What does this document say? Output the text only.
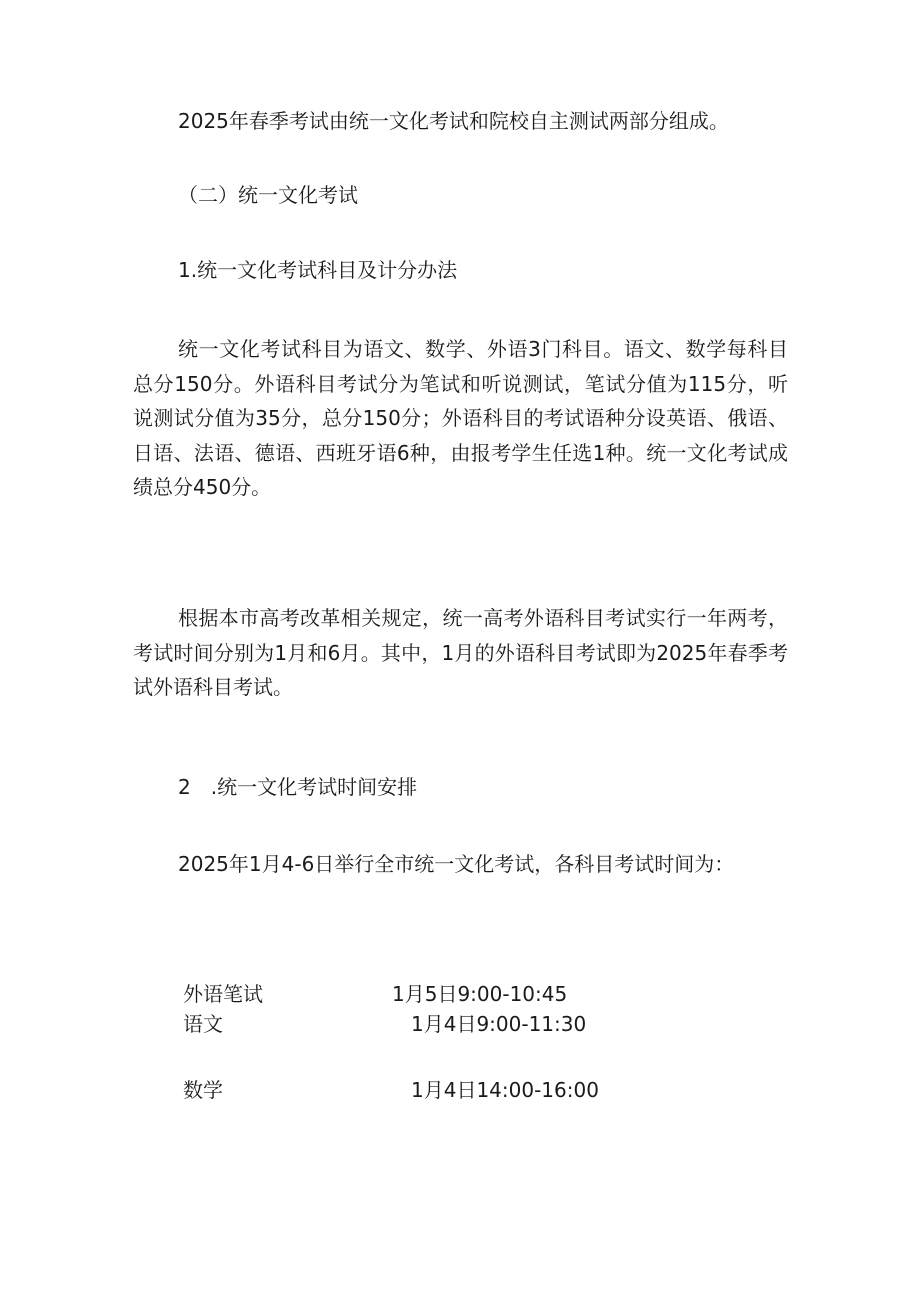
2025年春季考试由统一文化考试和院校自主测试两部分组成。

（二）统一文化考试

1.统一文化考试科目及计分办法

统一文化考试科目为语文、数学、外语3门科目。语文、数学每科目总分150分。外语科目考试分为笔试和听说测试，笔试分值为115分，听说测试分值为35分，总分150分；外语科目的考试语种分设英语、俄语、日语、法语、德语、西班牙语6种，由报考学生任选1种。统一文化考试成绩总分450分。

根据本市高考改革相关规定，统一高考外语科目考试实行一年两考，考试时间分别为1月和6月。其中，1月的外语科目考试即为2025年春季考试外语科目考试。

2　.统一文化考试时间安排

2025年1月4-6日举行全市统一文化考试，各科目考试时间为：

外语笔试	1月5日9:00-10:45
语文	1月4日9:00-11:30
数学	1月4日14:00-16:00
